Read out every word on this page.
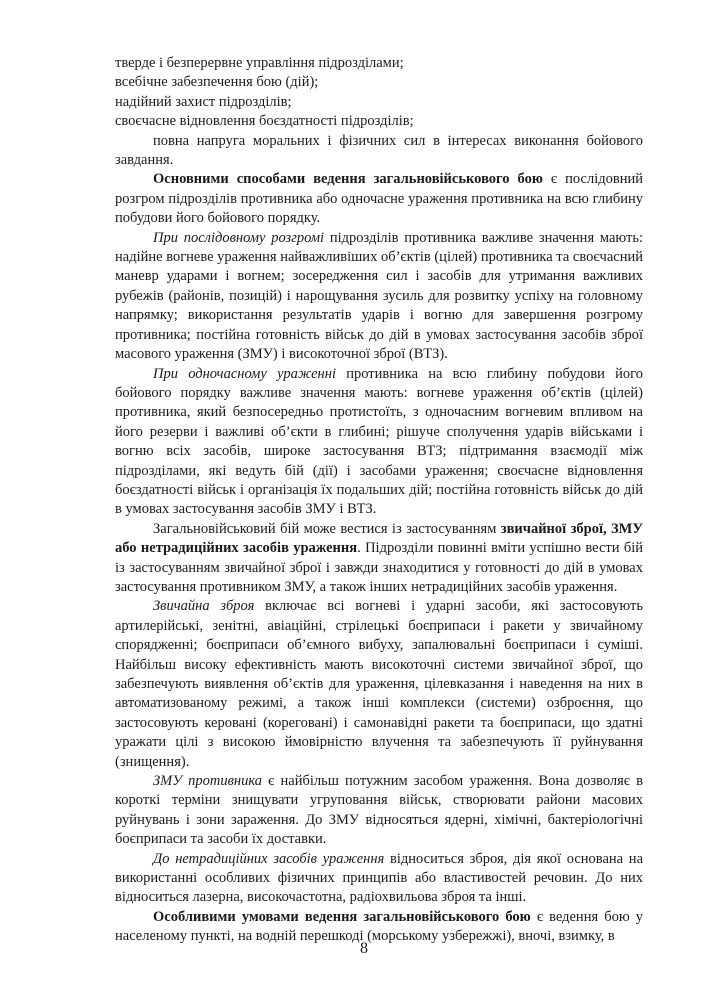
тверде і безперервне управління підрозділами;

всебічне забезпечення бою (дій);

надійний захист підрозділів;

своєчасне відновлення боєздатності підрозділів;

повна напруга моральних і фізичних сил в інтересах виконання бойового завдання.

Основними способами ведення загальновійськового бою є послідовний розгром підрозділів противника або одночасне ураження противника на всю глибину побудови його бойового порядку.

При послідовному розгромі підрозділів противника важливе значення мають: надійне вогневе ураження найважливіших об’єктів (цілей) противника та своєчасний маневр ударами і вогнем; зосередження сил і засобів для утримання важливих рубежів (районів, позицій) і нарощування зусиль для розвитку успіху на головному напрямку; використання результатів ударів і вогню для завершення розгрому противника; постійна готовність військ до дій в умовах застосування засобів зброї масового ураження (ЗМУ) і високоточної зброї (ВТЗ).

При одночасному ураженні противника на всю глибину побудови його бойового порядку важливе значення мають: вогневе ураження об’єктів (цілей) противника, який безпосередньо протистоїть, з одночасним вогневим впливом на його резерви і важливі об’єкти в глибині; рішуче сполучення ударів військами і вогню всіх засобів, широке застосування ВТЗ; підтримання взаємодії між підрозділами, які ведуть бій (дії) і засобами ураження; своєчасне відновлення боєздатності військ і організація їх подальших дій; постійна готовність військ до дій в умовах застосування засобів ЗМУ і ВТЗ.

Загальновійськовий бій може вестися із застосуванням звичайної зброї, ЗМУ або нетрадиційних засобів ураження. Підрозділи повинні вміти успішно вести бій із застосуванням звичайної зброї і завжди знаходитися у готовності до дій в умовах застосування противником ЗМУ, а також інших нетрадиційних засобів ураження.

Звичайна зброя включає всі вогневі і ударні засоби, які застосовують артилерійські, зенітні, авіаційні, стрілецькі боєприпаси і ракети у звичайному спорядженні; боєприпаси об’ємного вибуху, запалювальні боєприпаси і суміші. Найбільш високу ефективність мають високоточні системи звичайної зброї, що забезпечують виявлення об’єктів для ураження, цілевказання і наведення на них в автоматизованому режимі, а також інші комплекси (системи) озброєння, що застосовують керовані (кореговані) і самонавідні ракети та боєприпаси, що здатні уражати цілі з високою ймовірністю влучення та забезпечують її руйнування (знищення).

ЗМУ противника є найбільш потужним засобом ураження. Вона дозволяє в короткі терміни знищувати угруповання військ, створювати райони масових руйнувань і зони зараження. До ЗМУ відносяться ядерні, хімічні, бактеріологічні боєприпаси та засоби їх доставки.

До нетрадиційних засобів ураження відноситься зброя, дія якої основана на використанні особливих фізичних принципів або властивостей речовин. До них відноситься лазерна, високочастотна, радіохвильова зброя та інші.

Особливими умовами ведення загальновійськового бою є ведення бою у населеному пункті, на водній перешкоді (морському узбережжі), вночі, взимку, в

8
